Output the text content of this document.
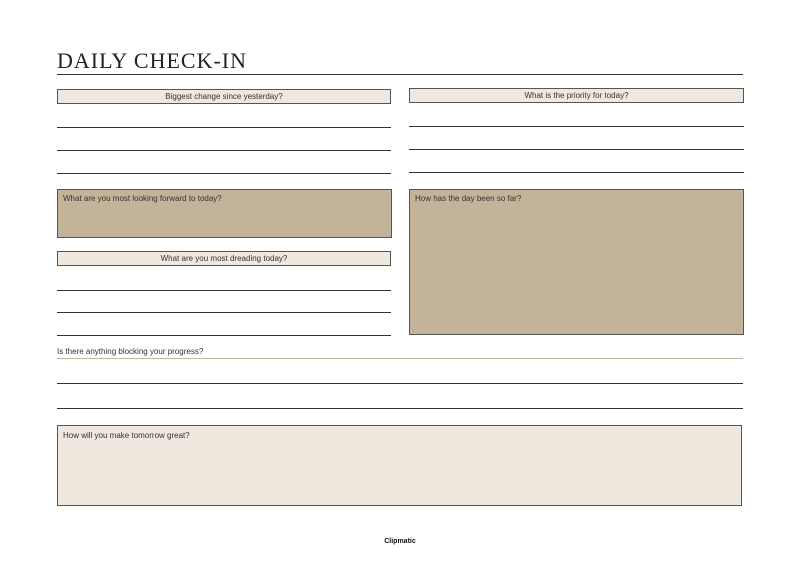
DAILY CHECK-IN
Biggest change since yesterday?	What is the priority for today?
What are you most looking forward to today?	How has the day been so far?
What are you most dreading today?
Is there anything blocking your progress?
How will you make tomorrow great?
Clipmatic
